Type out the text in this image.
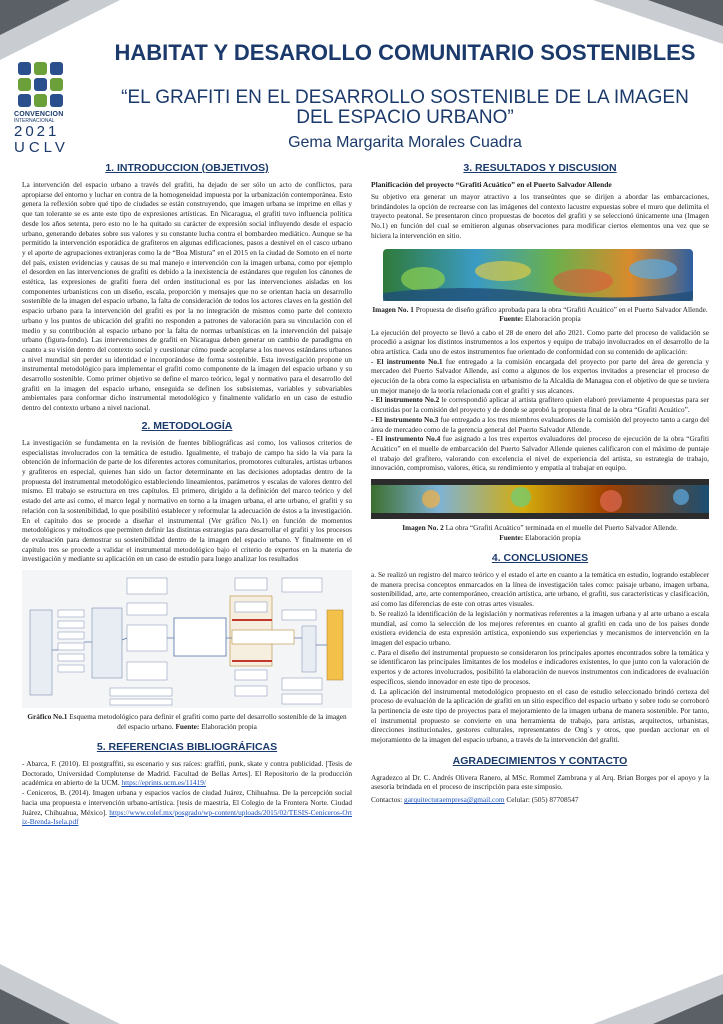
CONVENCION
INTERNACIONAL
2021
UCLV
HABITAT Y DESAROLLO COMUNITARIO SOSTENIBLES
“EL GRAFITI EN EL DESARROLLO SOSTENIBLE DE LA IMAGEN
DEL ESPACIO URBANO”
Gema Margarita Morales Cuadra
1. INTRODUCCION (OBJETIVOS)

La intervención del espacio urbano a través del grafiti, ha dejado de ser sólo un acto de conflictos, para apropiarse del entorno y luchar en contra de la homogeneidad impuesta por la urbanización contemporánea. Esto genera la reflexión sobre qué tipo de ciudades se están construyendo, que imagen urbana se imprime en ellas y que tan tolerante se es ante este tipo de expresiones artísticas. En Nicaragua, el grafiti tuvo influencia política desde los años setenta, pero esto no le ha quitado su carácter de expresión social influyendo desde el espacio urbano, generando debates sobre sus valores y su constante lucha contra el bombardeo mediático. Aunque se ha permitido la intervención esporádica de grafiteros en algunas edificaciones, pasos a desnivel en el casco urbano y el aporte de agrupaciones extranjeras como la de “Boa Mistura” en el 2015 en la ciudad de Somoto en el norte del país, existen evidencias y causas de su mal manejo e intervención con la imagen urbana, como por ejemplo el desorden en las intervenciones de grafiti es debido a la inexistencia de estándares que regulen los cánones de estética, las expresiones de grafiti fuera del orden institucional es por las intervenciones aisladas en los componentes urbanísticos con un diseño, escala, proporción y mensajes que no se orientan hacia un desarrollo sostenible de la imagen del espacio urbano, la falta de consideración de todos los actores claves en la gestión del espacio urbano para la intervención del grafiti es por la no integración de mismos como parte del contexto urbano y los puntos de ubicación del grafiti no responden a patrones de valoración para su vinculación con el medio y su contribución al espacio urbano por la falta de normas urbanísticas en la intervención del paisaje urbano (figura-fondo). Las intervenciones de grafiti en Nicaragua deben generar un cambio de paradigma en cuanto a su visión dentro del contexto social y cuestionar cómo puede acoplarse a los nuevos estándares urbanos a nivel mundial sin perder su identidad e incorporándose de forma sostenible. Esta investigación propone un instrumental metodológico para implementar el grafiti como componente de la imagen del espacio urbano y su desarrollo sostenible. Como primer objetivo se define el marco teórico, legal y normativo para el desarrollo del grafiti en la imagen del espacio urbano, enseguida se definen los subsistemas, variables y subvariables ambientales para conformar dicho instrumental metodológico y finalmente validarlo en un caso de estudio dentro del contexto urbano a nivel nacional.

2. METODOLOGÍA

La investigación se fundamenta en la revisión de fuentes bibliográficas así como, los valiosos criterios de especialistas involucrados con la temática de estudio. Igualmente, el trabajo de campo ha sido la vía para la obtención de información de parte de los diferentes actores comunitarios, promotores culturales, artistas urbanos y grafiteros en especial, quienes han sido un factor determinante en las decisiones adoptadas dentro de la propuesta del instrumental metodológico estableciendo lineamientos, parámetros y escalas de valores dentro del mismo. El trabajo se estructura en tres capítulos. El primero, dirigido a la definición del marco teórico y del estado del arte así como, el marco legal y normativo en torno a la imagen urbana, el arte urbano, el grafiti y su relación con la sostenibilidad, lo que posibilitó establecer y reformular la adecuación de éstos a la investigación. En el capítulo dos se procede a diseñar el instrumental (Ver gráfico No.1) en función de momentos metodológicos y métodicos que permiten definir las distintas estrategias para desarrollar el grafiti y los procesos de evaluación para demostrar su sostenibilidad dentro de la imagen del espacio urbano. Y finalmente en el capítulo tres se procede a validar el instrumental metodológico bajo el criterio de expertos en la materia de investigación y mediante su aplicación en un caso de estudio para luego analizar los resultados

Gráfico No.1 Esquema metodológico para definir el grafiti como parte del desarrollo sostenible de la imagen del espacio urbano. Fuente: Elaboración propia
5. REFERENCIAS BIBLIOGRÁFICAS

- Abarca, F. (2010). El postgraffiti, su escenario y sus raíces: graffiti, punk, skate y contra publicidad. [Tesis de Doctorado, Universidad Complutense de Madrid. Facultad de Bellas Artes]. El Repositorio de la producción académica en abierto de la UCM. https://eprints.ucm.es/11419/

- Ceniceros, B. (2014). Imagen urbana y espacios vacíos de ciudad Juárez, Chihuahua. De la percepción social hacia una propuesta e intervención urbano-artística. [tesis de maestría, El Colegio de la Frontera Norte. Ciudad Juárez, Chihuahua, México]. https://www.colef.mx/posgrado/wp-content/uploads/2015/02/TESIS-Ceniceros-Ortiz-Brenda-Isela.pdf

3. RESULTADOS Y DISCUSION
Planificación del proyecto “Grafiti Acuático” en el Puerto Salvador Allende

Su objetivo era generar un mayor atractivo a los transeúntes que se dirijen a abordar las embarcaciones, brindándoles la opción de recrearse con las imágenes del contexto lacustre expuestas sobre el muro que delimita el trayecto peatonal. Se presentaron cinco propuestas de bocetos del grafiti y se seleccionó únicamente una (Imagen No.1) en función del cual se emitieron algunas observaciones para modificar ciertos elementos una vez que se hiciera la intervención en sitio.

Imagen No. 1 Propuesta de diseño gráfico aprobada para la obra “Grafiti Acuático” en el Puerto Salvador Allende. Fuente: Elaboración propia

La ejecución del proyecto se llevó a cabo el 28 de enero del año 2021. Como parte del proceso de validación se procedió a asignar los distintos instrumentos a los expertos y equipo de trabajo involucrados en el desarrollo de la obra artística. Cada uno de estos instrumentos fue orientado de conformidad con su contenido de aplicación:

- El instrumento No.1 fue entregado a la comisión encargada del proyecto por parte del área de gerencia y mercadeo del Puerto Salvador Allende, así como a algunos de los expertos invitados a presenciar el proceso de ejecución de la obra como la especialista en urbanismo de la Alcaldía de Managua con el objetivo de que se tuviera un mejor manejo de la teoría relacionada con el grafiti y sus alcances.

- El instrumento No.2 le correspondió aplicar al artista grafitero quien elaboró previamente 4 propuestas para ser discutidas por la comisión del proyecto y de donde se aprobó la propuesta final de la obra “Grafiti Acuático”.

- El instrumento No.3 fue entregado a los tres miembros evaluadores de la comisión del proyecto tanto a cargo del área de mercadeo como de la gerencia general del Puerto Salvador Allende.

- El instrumento No.4 fue asignado a los tres expertos evaluadores del proceso de ejecución de la obra “Grafiti Acuático” en el muelle de embarcación del Puerto Salvador Allende quienes calificaron con el máximo de puntaje el trabajo del grafitero, valorando con excelencia el nivel de experiencia del artista, su estrategia de trabajo, innovación, compromiso, valores, ética, su rendimiento y empatía al trabajar en equipo.

Imagen No. 2 La obra “Grafiti Acuático” terminada en el muelle del Puerto Salvador Allende.
Fuente: Elaboración propia
4. CONCLUSIONES

a. Se realizó un registro del marco teórico y el estado el arte en cuanto a la temática en estudio, logrando establecer de manera precisa conceptos enmarcados en la línea de investigación tales como: paisaje urbano, imagen urbana, sostenibilidad, arte, arte contemporáneo, creación artística, arte urbano, el grafiti, sus características y clasificación, así como las diferencias de este con otras artes visuales.

b. Se realizó la identificación de la legislación y normativas referentes a la imagen urbana y al arte urbano a escala mundial, así como la selección de los mejores referentes en cuanto al grafiti en cada uno de los países donde existiera evidencia de esta expresión artística, exponiendo sus experiencias y mecanismos de intervención en la imagen del espacio urbano.

c. Para el diseño del instrumental propuesto se consideraron los principales aportes encontrados sobre la temática y se identificaron las principales limitantes de los modelos e indicadores existentes, lo que junto con la valoración de expertos y de actores involucrados, posibilitó la elaboración de nuevos instrumentos con indicadores de evaluación específicos, siendo innovador en este tipo de procesos.

d. La aplicación del instrumental metodológico propuesto en el caso de estudio seleccionado brindó certeza del proceso de evaluación de la aplicación de grafiti en un sitio específico del espacio urbano y sobre todo se corroboró la pertinencia de este tipo de proyectos para el mejoramiento de la imagen urbana de manera sostenible. Por tanto, el instrumental propuesto se convierte en una herramienta de trabajo, para artistas, arquitectos, urbanistas, direcciones institucionales, gestores culturales, representantes de Ong´s y otros, que puedan accionar en el mejoramiento de la imagen del espacio urbano, a través de la intervención del grafiti.

AGRADECIMIENTOS Y CONTACTO

Agradezco al Dr. C. Andrés Olivera Ranero, al MSc. Rommel Zambrana y al Arq. Brian Borges por el apoyo y la asesoría brindada en el proceso de inscripción para este simposio.

Contactos: garquitecturaempresa@gmail.com Celular: (505) 87708547
